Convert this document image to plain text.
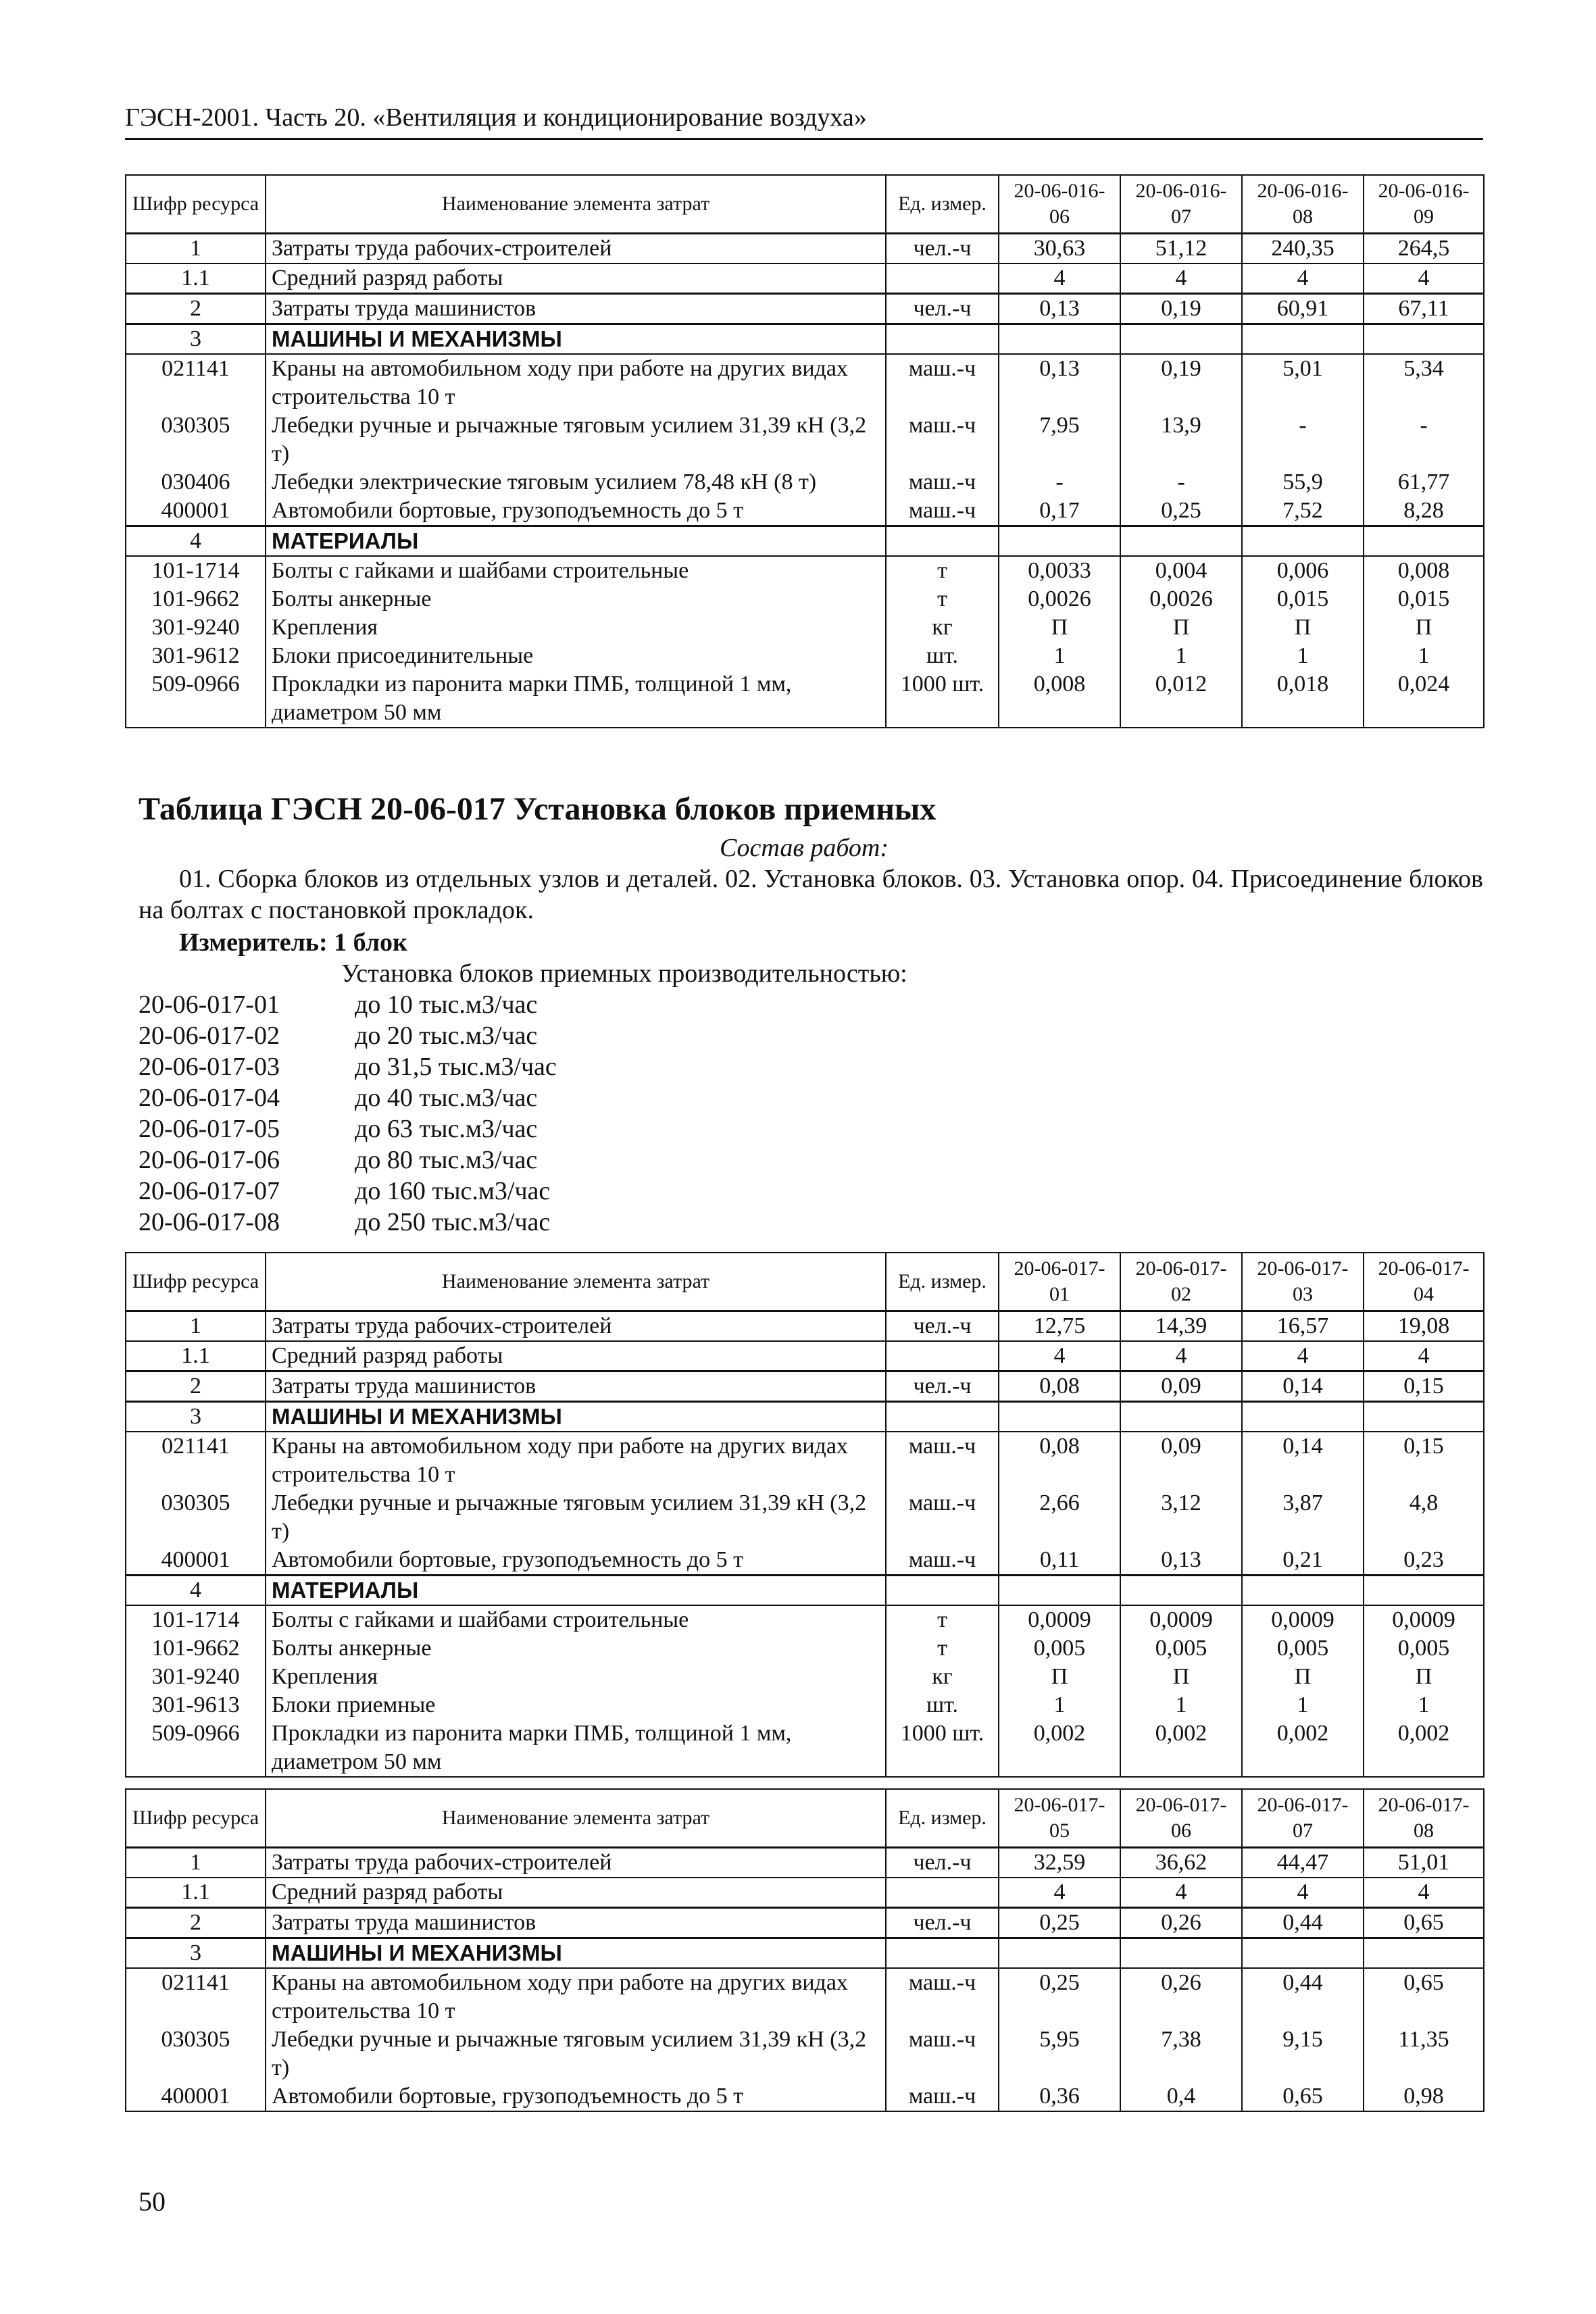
ГЭСН-2001. Часть 20. «Вентиляция и кондиционирование воздуха»
Шифр ресурса	Наименование элемента затрат	Ед. измер.	20-06-016-06	20-06-016-07	20-06-016-08	20-06-016-09
1	Затраты труда рабочих-строителей	чел.-ч	30,63	51,12	240,35	264,5
1.1	Средний разряд работы		4	4	4	4
2	Затраты труда машинистов	чел.-ч	0,13	0,19	60,91	67,11
3	МАШИНЫ И МЕХАНИЗМЫ					
021141	Краны на автомобильном ходу при работе на других видах строительства 10 т	маш.-ч	0,13	0,19	5,01	5,34
030305	Лебедки ручные и рычажные тяговым усилием 31,39 кН (3,2 т)	маш.-ч	7,95	13,9	-	-
030406	Лебедки электрические тяговым усилием 78,48 кН (8 т)	маш.-ч	-	-	55,9	61,77
400001	Автомобили бортовые, грузоподъемность до 5 т	маш.-ч	0,17	0,25	7,52	8,28
4	МАТЕРИАЛЫ					
101-1714	Болты с гайками и шайбами строительные	т	0,0033	0,004	0,006	0,008
101-9662	Болты анкерные	т	0,0026	0,0026	0,015	0,015
301-9240	Крепления	кг	П	П	П	П
301-9612	Блоки присоединительные	шт.	1	1	1	1
509-0966	Прокладки из паронита марки ПМБ, толщиной 1 мм, диаметром 50 мм	1000 шт.	0,008	0,012	0,018	0,024
Таблица ГЭСН 20-06-017 Установка блоков приемных
Состав работ:
01. Сборка блоков из отдельных узлов и деталей. 02. Установка блоков. 03. Установка опор. 04. Присоединение блоков на болтах с постановкой прокладок.
Измеритель: 1 блок
Установка блоков приемных производительностью:
20-06-017-01	до 10 тыс.м3/час
20-06-017-02	до 20 тыс.м3/час
20-06-017-03	до 31,5 тыс.м3/час
20-06-017-04	до 40 тыс.м3/час
20-06-017-05	до 63 тыс.м3/час
20-06-017-06	до 80 тыс.м3/час
20-06-017-07	до 160 тыс.м3/час
20-06-017-08	до 250 тыс.м3/час
Шифр ресурса	Наименование элемента затрат	Ед. измер.	20-06-017-01	20-06-017-02	20-06-017-03	20-06-017-04
1	Затраты труда рабочих-строителей	чел.-ч	12,75	14,39	16,57	19,08
1.1	Средний разряд работы		4	4	4	4
2	Затраты труда машинистов	чел.-ч	0,08	0,09	0,14	0,15
3	МАШИНЫ И МЕХАНИЗМЫ					
021141	Краны на автомобильном ходу при работе на других видах строительства 10 т	маш.-ч	0,08	0,09	0,14	0,15
030305	Лебедки ручные и рычажные тяговым усилием 31,39 кН (3,2 т)	маш.-ч	2,66	3,12	3,87	4,8
400001	Автомобили бортовые, грузоподъемность до 5 т	маш.-ч	0,11	0,13	0,21	0,23
4	МАТЕРИАЛЫ					
101-1714	Болты с гайками и шайбами строительные	т	0,0009	0,0009	0,0009	0,0009
101-9662	Болты анкерные	т	0,005	0,005	0,005	0,005
301-9240	Крепления	кг	П	П	П	П
301-9613	Блоки приемные	шт.	1	1	1	1
509-0966	Прокладки из паронита марки ПМБ, толщиной 1 мм, диаметром 50 мм	1000 шт.	0,002	0,002	0,002	0,002
Шифр ресурса	Наименование элемента затрат	Ед. измер.	20-06-017-05	20-06-017-06	20-06-017-07	20-06-017-08
1	Затраты труда рабочих-строителей	чел.-ч	32,59	36,62	44,47	51,01
1.1	Средний разряд работы		4	4	4	4
2	Затраты труда машинистов	чел.-ч	0,25	0,26	0,44	0,65
3	МАШИНЫ И МЕХАНИЗМЫ					
021141	Краны на автомобильном ходу при работе на других видах строительства 10 т	маш.-ч	0,25	0,26	0,44	0,65
030305	Лебедки ручные и рычажные тяговым усилием 31,39 кН (3,2 т)	маш.-ч	5,95	7,38	9,15	11,35
400001	Автомобили бортовые, грузоподъемность до 5 т	маш.-ч	0,36	0,4	0,65	0,98
50
